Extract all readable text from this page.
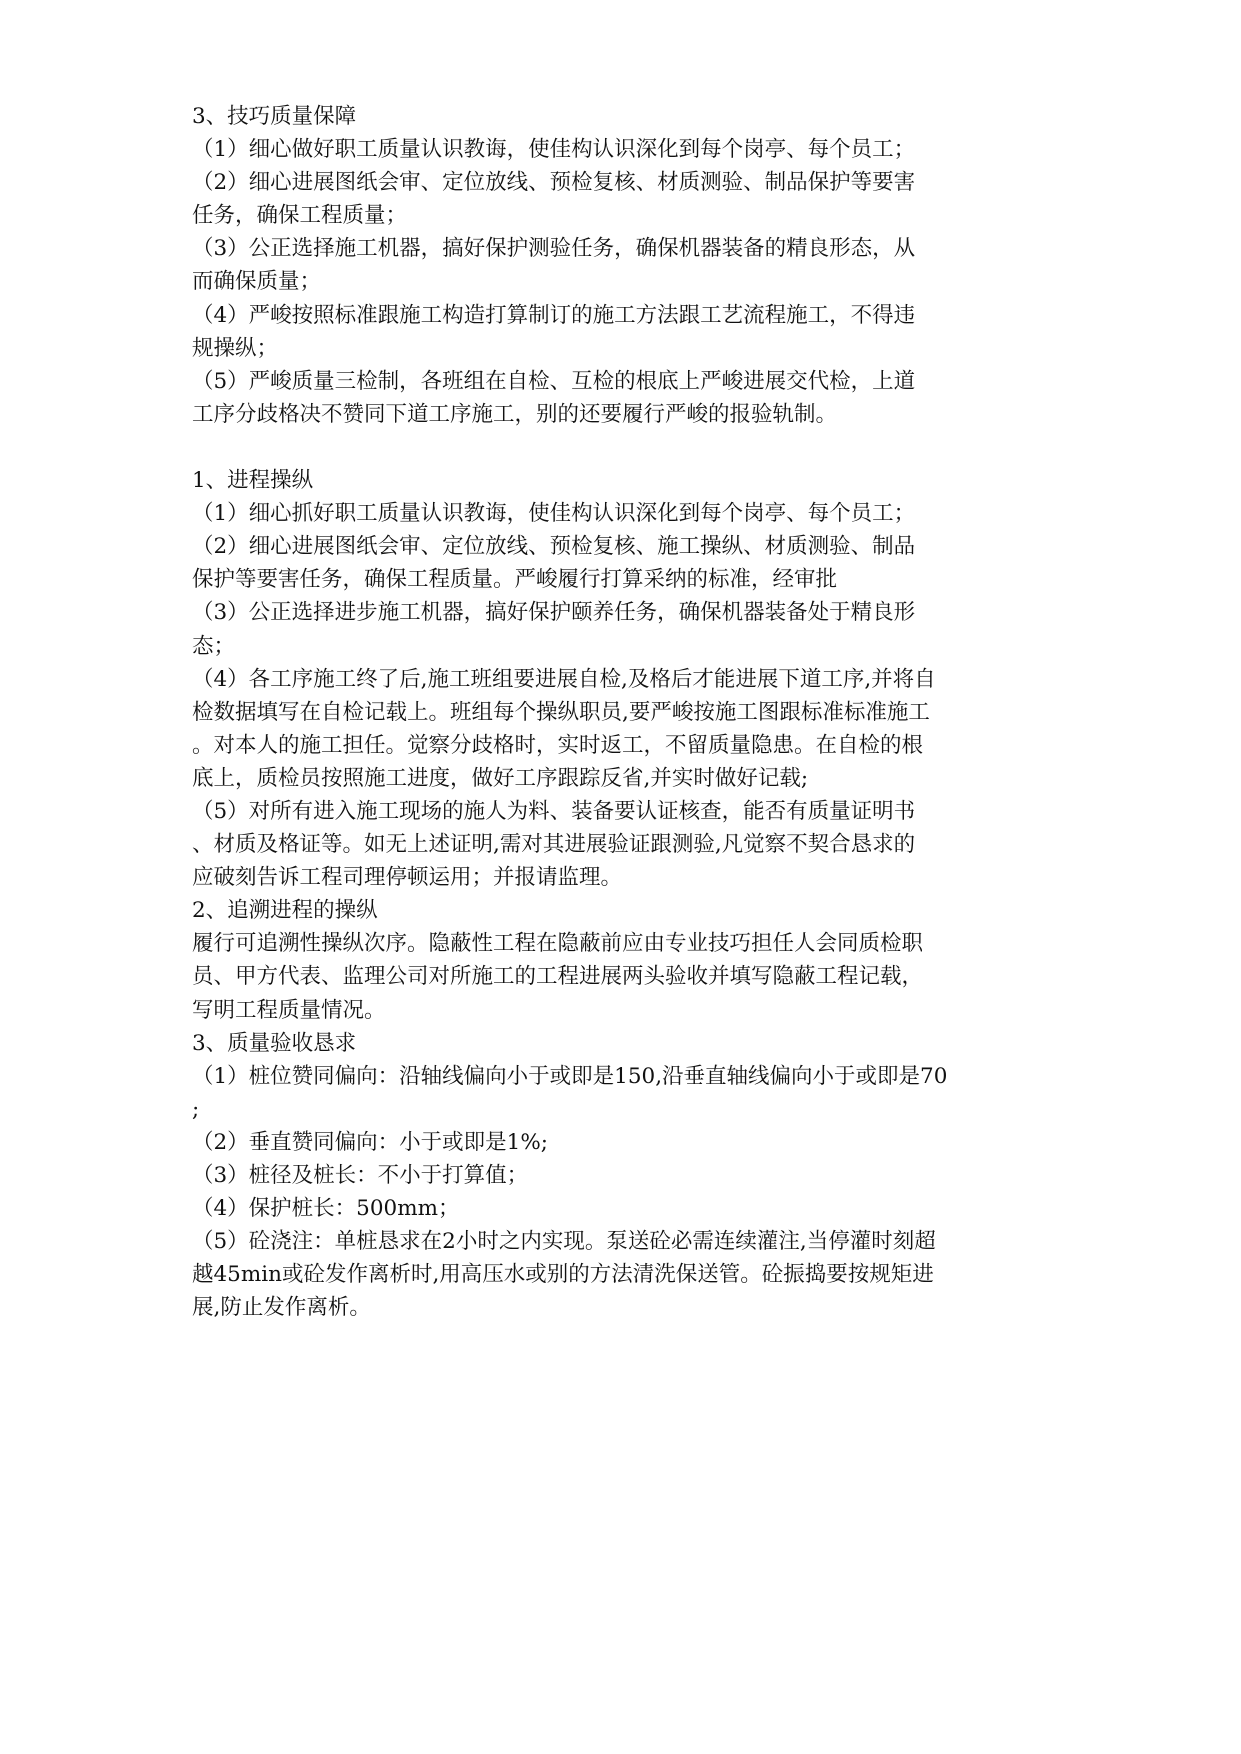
3、技巧质量保障
（1）细心做好职工质量认识教诲，使佳构认识深化到每个岗亭、每个员工；
（2）细心进展图纸会审、定位放线、预检复核、材质测验、制品保护等要害
任务，确保工程质量；
（3）公正选择施工机器，搞好保护测验任务，确保机器装备的精良形态，从
而确保质量；
（4）严峻按照标准跟施工构造打算制订的施工方法跟工艺流程施工，不得违
规操纵；
（5）严峻质量三检制，各班组在自检、互检的根底上严峻进展交代检，上道
工序分歧格决不赞同下道工序施工，别的还要履行严峻的报验轨制。
1、进程操纵
（1）细心抓好职工质量认识教诲，使佳构认识深化到每个岗亭、每个员工；
（2）细心进展图纸会审、定位放线、预检复核、施工操纵、材质测验、制品
保护等要害任务，确保工程质量。严峻履行打算采纳的标准，经审批
（3）公正选择进步施工机器，搞好保护颐养任务，确保机器装备处于精良形
态；
（4）各工序施工终了后,施工班组要进展自检,及格后才能进展下道工序,并将自
检数据填写在自检记载上。班组每个操纵职员,要严峻按施工图跟标准标准施工
。对本人的施工担任。觉察分歧格时，实时返工，不留质量隐患。在自检的根
底上，质检员按照施工进度，做好工序跟踪反省,并实时做好记载;
（5）对所有进入施工现场的施人为料、装备要认证核查，能否有质量证明书
、材质及格证等。如无上述证明,需对其进展验证跟测验,凡觉察不契合恳求的
应破刻告诉工程司理停顿运用；并报请监理。
2、追溯进程的操纵
履行可追溯性操纵次序。隐蔽性工程在隐蔽前应由专业技巧担任人会同质检职
员、甲方代表、监理公司对所施工的工程进展两头验收并填写隐蔽工程记载，
写明工程质量情况。
3、质量验收恳求
（1）桩位赞同偏向：沿轴线偏向小于或即是150,沿垂直轴线偏向小于或即是70
;
（2）垂直赞同偏向：小于或即是1%;
（3）桩径及桩长：不小于打算值；
（4）保护桩长：500mm；
（5）砼浇注：单桩恳求在2小时之内实现。泵送砼必需连续灌注,当停灌时刻超
越45min或砼发作离析时,用高压水或别的方法清洗保送管。砼振捣要按规矩进
展,防止发作离析。
